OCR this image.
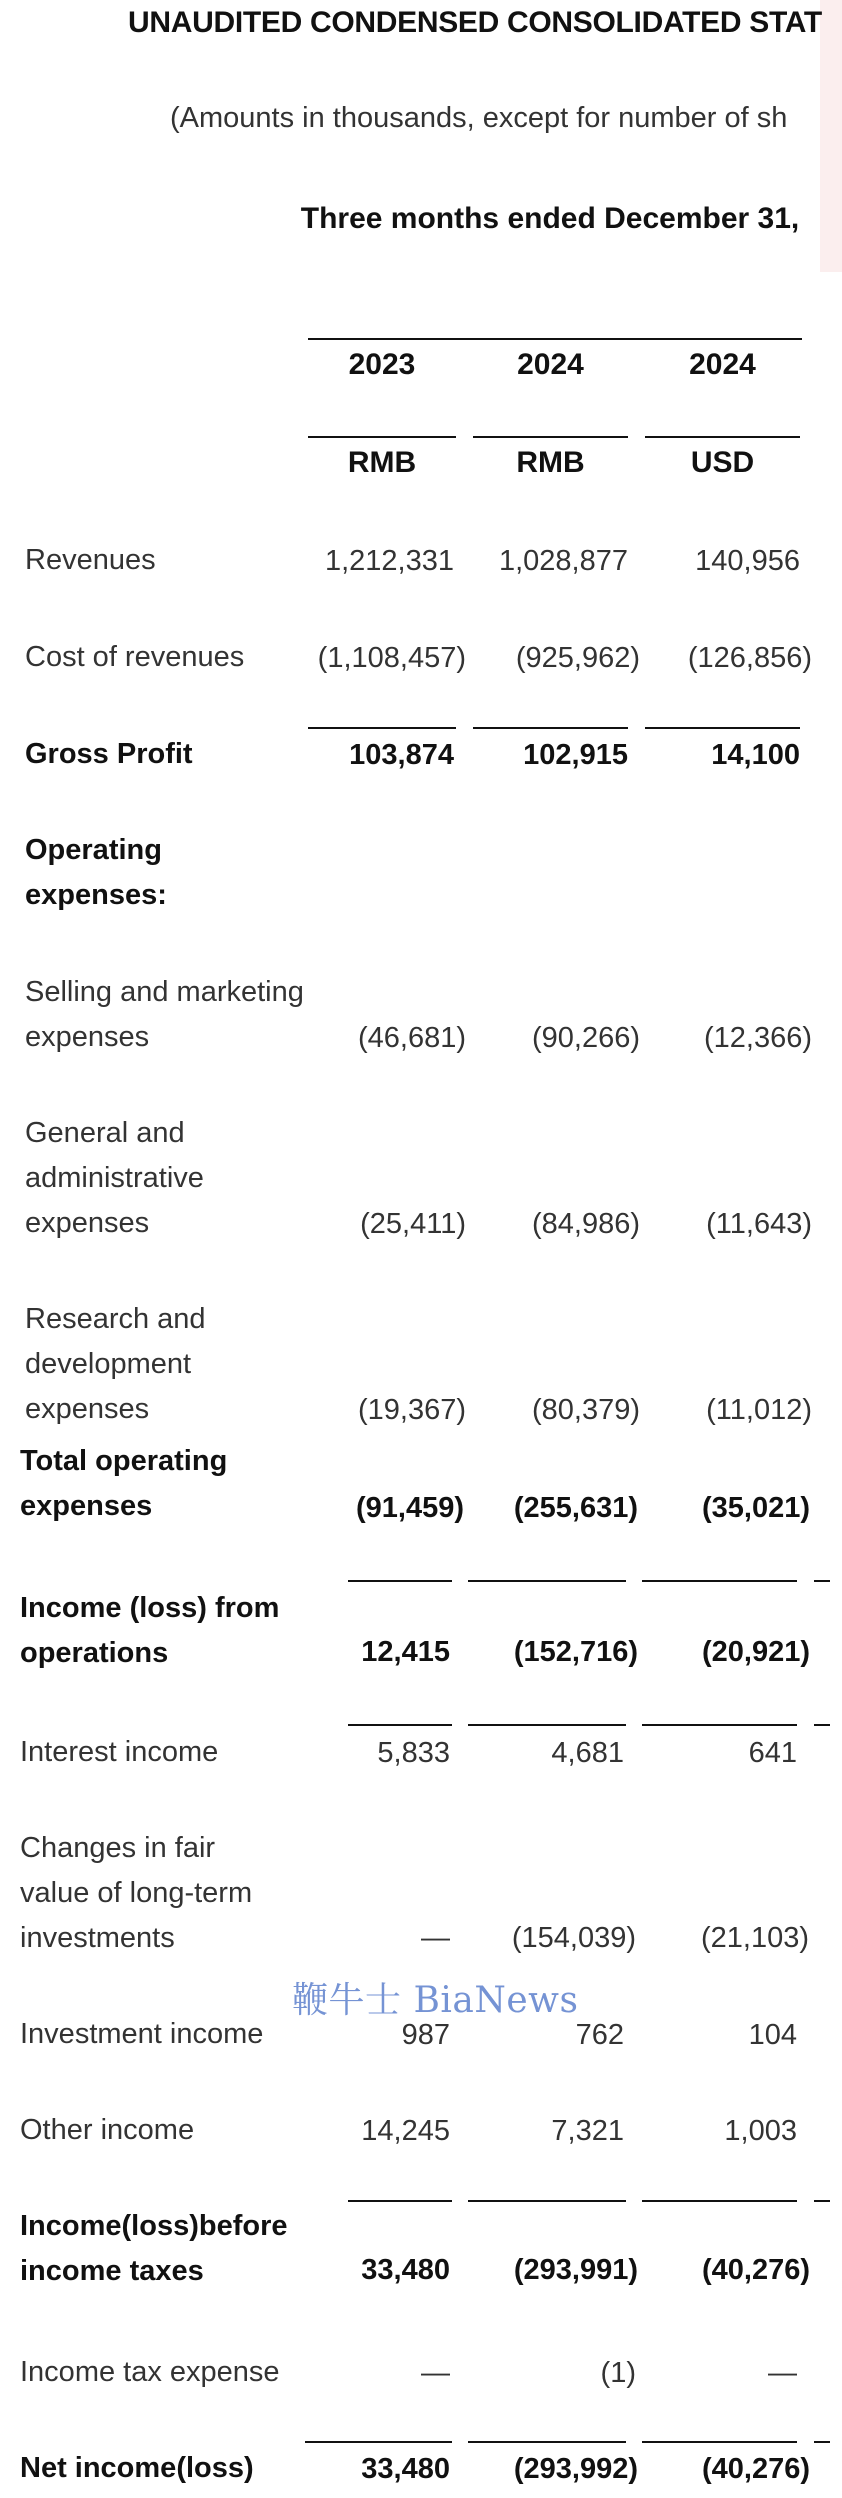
UNAUDITED CONDENSED CONSOLIDATED STAT
(Amounts in thousands, except for number of sh
Three months ended December 31,
2023	2024	2024
RMB	RMB	USD
Revenues	1,212,331 1,028,877 140,956
Cost of revenues	(1,108,457) (925,962) (126,856)
Gross Profit	103,874 102,915	14,100
Operating expenses:
Selling and marketing expenses	(46,681) (90,266) (12,366)
General and administrative expenses	(25,411) (84,986) (11,643)
Research and development expenses	(19,367) (80,379) (11,012)
Total operating expenses	(91,459) (255,631) (35,021)
Income (loss) from operations	12,415 (152,716) (20,921)
Interest income	5,833	4,681	641
Changes in fair value of long-term investments	— (154,039) (21,103)
鞭牛士 BiaNews
Investment income	987	762	104
Other income	14,245	7,321	1,003
Income(loss)before income taxes	33,480 (293,991) (40,276)
Income tax expense	—	(1)	—
Net income(loss)	33,480 (293,992) (40,276)
